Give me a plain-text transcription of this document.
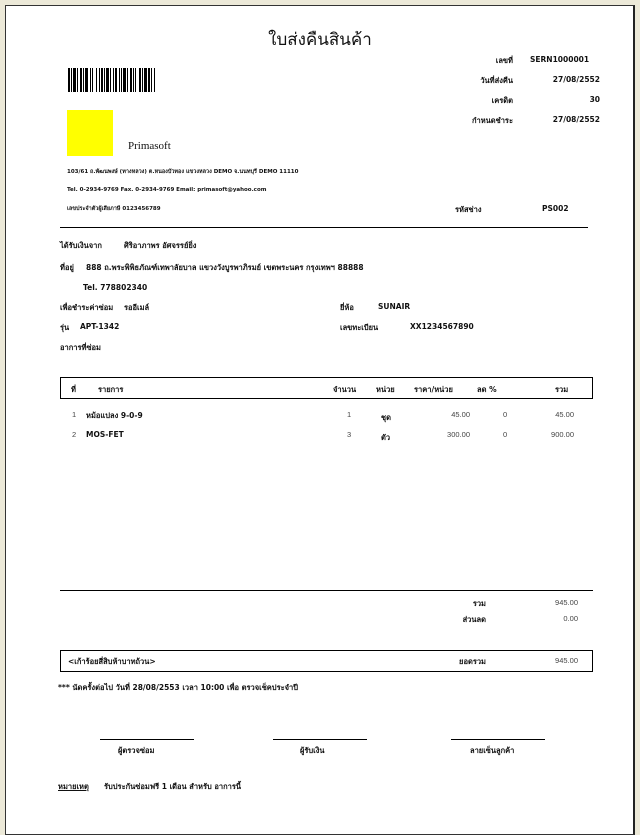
ใบส่งคืนสินค้า
เลขที่ SERN1000001
วันที่ส่งคืน	27/08/2552
เครดิต	30
กำหนดชำระ	27/08/2552
Primasoft
103/61 ถ.พัฒนพงษ์ (ทางหลวง) ต.หนองบัวทอง แขวงหลวง DEMO จ.นนทบุรี DEMO 11110
Tel. 0-2934-9769 Fax. 0-2934-9769 Email: primasoft@yahoo.com
เลขประจำตัวผู้เสียภาษี 0123456789	รหัสช่าง	PS002
ได้รับเงินจาก	ศิริอาภาพร อัศจรรย์ยิ่ง
ที่อยู่ 888 ถ.พระพิพิธภัณฑ์เทพาลัยบาล แขวงวังบูรพาภิรมย์ เขตพระนคร กรุงเทพฯ 88888
Tel. 778802340
เพื่อชำระค่าซ่อม รออีเมล์
รุ่น APT-1342
อาการที่ซ่อม
ยี่ห้อ	SUNAIR
เลขทะเบียน	XX1234567890
ที่	รายการ	จำนวน	หน่วย	ราคา/หน่วย	ลด %	รวม
1 หม้อแปลง 9-0-9	1	ชุด	45.00	0	45.00
2 MOS-FET	3	ตัว	300.00	0	900.00
รวม	945.00
ส่วนลด	0.00
<เก้าร้อยสี่สิบห้าบาทถ้วน>	ยอดรวม	945.00
*** นัดครั้งต่อไป วันที่ 28/08/2553 เวลา 10:00 เพื่อ ตรวจเช็คประจำปี
ผู้ตรวจซ่อม	ผู้รับเงิน	ลายเซ็นลูกค้า
หมายเหตุ รับประกันซ่อมฟรี 1 เดือน สำหรับ อาการนี้
